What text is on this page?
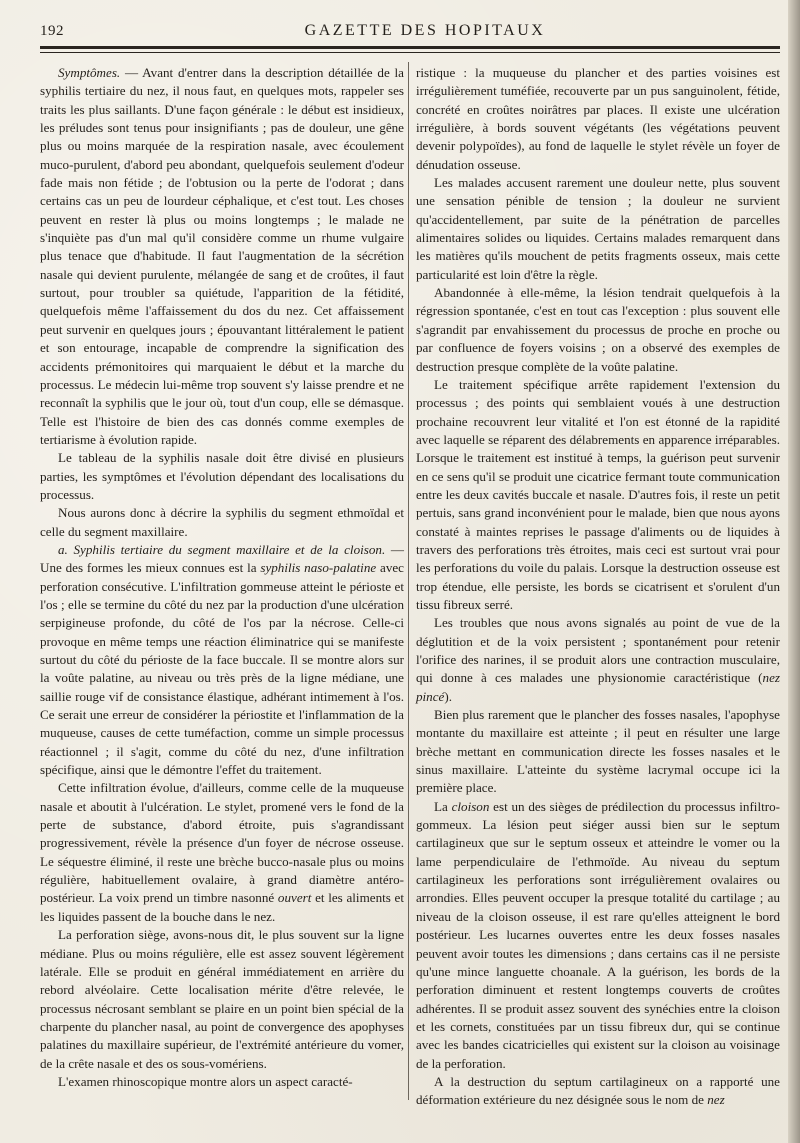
192	GAZETTE DES HOPITAUX

Symptômes. — Avant d'entrer dans la description détaillée de la syphilis tertiaire du nez, il nous faut, en quelques mots, rappeler ses traits les plus saillants. D'une façon générale : le début est insidieux, les préludes sont tenus pour insignifiants ; pas de douleur, une gêne plus ou moins marquée de la respiration nasale, avec écoulement muco-purulent, d'abord peu abondant, quelquefois seulement d'odeur fade mais non fétide ; de l'obtusion ou la perte de l'odorat ; dans certains cas un peu de lourdeur céphalique, et c'est tout. Les choses peuvent en rester là plus ou moins longtemps ; le malade ne s'inquiète pas d'un mal qu'il considère comme un rhume vulgaire plus tenace que d'habitude. Il faut l'augmentation de la sécrétion nasale qui devient purulente, mélangée de sang et de croûtes, il faut surtout, pour troubler sa quiétude, l'apparition de la fétidité, quelquefois même l'affaissement du dos du nez. Cet affaissement peut survenir en quelques jours ; épouvantant littéralement le patient et son entourage, incapable de comprendre la signification des accidents prémonitoires qui marquaient le début et la marche du processus. Le médecin lui-même trop souvent s'y laisse prendre et ne reconnaît la syphilis que le jour où, tout d'un coup, elle se démasque. Telle est l'histoire de bien des cas donnés comme exemples de tertiarisme à évolution rapide.

Le tableau de la syphilis nasale doit être divisé en plusieurs parties, les symptômes et l'évolution dépendant des localisations du processus.

Nous aurons donc à décrire la syphilis du segment ethmoïdal et celle du segment maxillaire.

a. Syphilis tertiaire du segment maxillaire et de la cloison. — Une des formes les mieux connues est la syphilis naso-palatine avec perforation consécutive. L'infiltration gommeuse atteint le périoste et l'os ; elle se termine du côté du nez par la production d'une ulcération serpigineuse profonde, du côté de l'os par la nécrose. Celle-ci provoque en même temps une réaction éliminatrice qui se manifeste surtout du côté du périoste de la face buccale. Il se montre alors sur la voûte palatine, au niveau ou très près de la ligne médiane, une saillie rouge vif de consistance élastique, adhérant intimement à l'os. Ce serait une erreur de considérer la périostite et l'inflammation de la muqueuse, causes de cette tuméfaction, comme un simple processus réactionnel ; il s'agit, comme du côté du nez, d'une infiltration spécifique, ainsi que le démontre l'effet du traitement.

Cette infiltration évolue, d'ailleurs, comme celle de la muqueuse nasale et aboutit à l'ulcération. Le stylet, promené vers le fond de la perte de substance, d'abord étroite, puis s'agrandissant progressivement, révèle la présence d'un foyer de nécrose osseuse. Le séquestre éliminé, il reste une brèche bucco-nasale plus ou moins régulière, habituellement ovalaire, à grand diamètre antéro-postérieur. La voix prend un timbre nasonné ouvert et les aliments et les liquides passent de la bouche dans le nez.

La perforation siège, avons-nous dit, le plus souvent sur la ligne médiane. Plus ou moins régulière, elle est assez souvent légèrement latérale. Elle se produit en général immédiatement en arrière du rebord alvéolaire. Cette localisation mérite d'être relevée, le processus nécrosant semblant se plaire en un point bien spécial de la charpente du plancher nasal, au point de convergence des apophyses palatines du maxillaire supérieur, de l'extrémité antérieure du vomer, de la crête nasale et des os sous-vomériens.

L'examen rhinoscopique montre alors un aspect caracté-

ristique : la muqueuse du plancher et des parties voisines est irrégulièrement tuméfiée, recouverte par un pus sanguinolent, fétide, concrété en croûtes noirâtres par places. Il existe une ulcération irrégulière, à bords souvent végétants (les végétations peuvent devenir polypoïdes), au fond de laquelle le stylet révèle un foyer de dénudation osseuse.

Les malades accusent rarement une douleur nette, plus souvent une sensation pénible de tension ; la douleur ne survient qu'accidentellement, par suite de la pénétration de parcelles alimentaires solides ou liquides. Certains malades remarquent dans les matières qu'ils mouchent de petits fragments osseux, mais cette particularité est loin d'être la règle.

Abandonnée à elle-même, la lésion tendrait quelquefois à la régression spontanée, c'est en tout cas l'exception : plus souvent elle s'agrandit par envahissement du processus de proche en proche ou par confluence de foyers voisins ; on a observé des exemples de destruction presque complète de la voûte palatine.

Le traitement spécifique arrête rapidement l'extension du processus ; des points qui semblaient voués à une destruction prochaine recouvrent leur vitalité et l'on est étonné de la rapidité avec laquelle se réparent des délabrements en apparence irréparables. Lorsque le traitement est institué à temps, la guérison peut survenir en ce sens qu'il se produit une cicatrice fermant toute communication entre les deux cavités buccale et nasale. D'autres fois, il reste un petit pertuis, sans grand inconvénient pour le malade, bien que nous ayons constaté à maintes reprises le passage d'aliments ou de liquides à travers des perforations très étroites, mais ceci est surtout vrai pour les perforations du voile du palais. Lorsque la destruction osseuse est trop étendue, elle persiste, les bords se cicatrisent et s'orulent d'un tissu fibreux serré.

Les troubles que nous avons signalés au point de vue de la déglutition et de la voix persistent ; spontanément pour retenir l'orifice des narines, il se produit alors une contraction musculaire, qui donne à ces malades une physionomie caractéristique (nez pincé).

Bien plus rarement que le plancher des fosses nasales, l'apophyse montante du maxillaire est atteinte ; il peut en résulter une large brèche mettant en communication directe les fosses nasales et le sinus maxillaire. L'atteinte du système lacrymal occupe ici la première place.

La cloison est un des sièges de prédilection du processus infiltro-gommeux. La lésion peut siéger aussi bien sur le septum cartilagineux que sur le septum osseux et atteindre le vomer ou la lame perpendiculaire de l'ethmoïde. Au niveau du septum cartilagineux les perforations sont irrégulièrement ovalaires ou arrondies. Elles peuvent occuper la presque totalité du cartilage ; au niveau de la cloison osseuse, il est rare qu'elles atteignent le bord postérieur. Les lucarnes ouvertes entre les deux fosses nasales peuvent avoir toutes les dimensions ; dans certains cas il ne persiste qu'une mince languette choanale. A la guérison, les bords de la perforation diminuent et restent longtemps couverts de croûtes adhérentes. Il se produit assez souvent des synéchies entre la cloison et les cornets, constituées par un tissu fibreux dur, qui se continue avec les bandes cicatricielles qui existent sur la cloison au voisinage de la perforation.

A la destruction du septum cartilagineux on a rapporté une déformation extérieure du nez désignée sous le nom de nez
